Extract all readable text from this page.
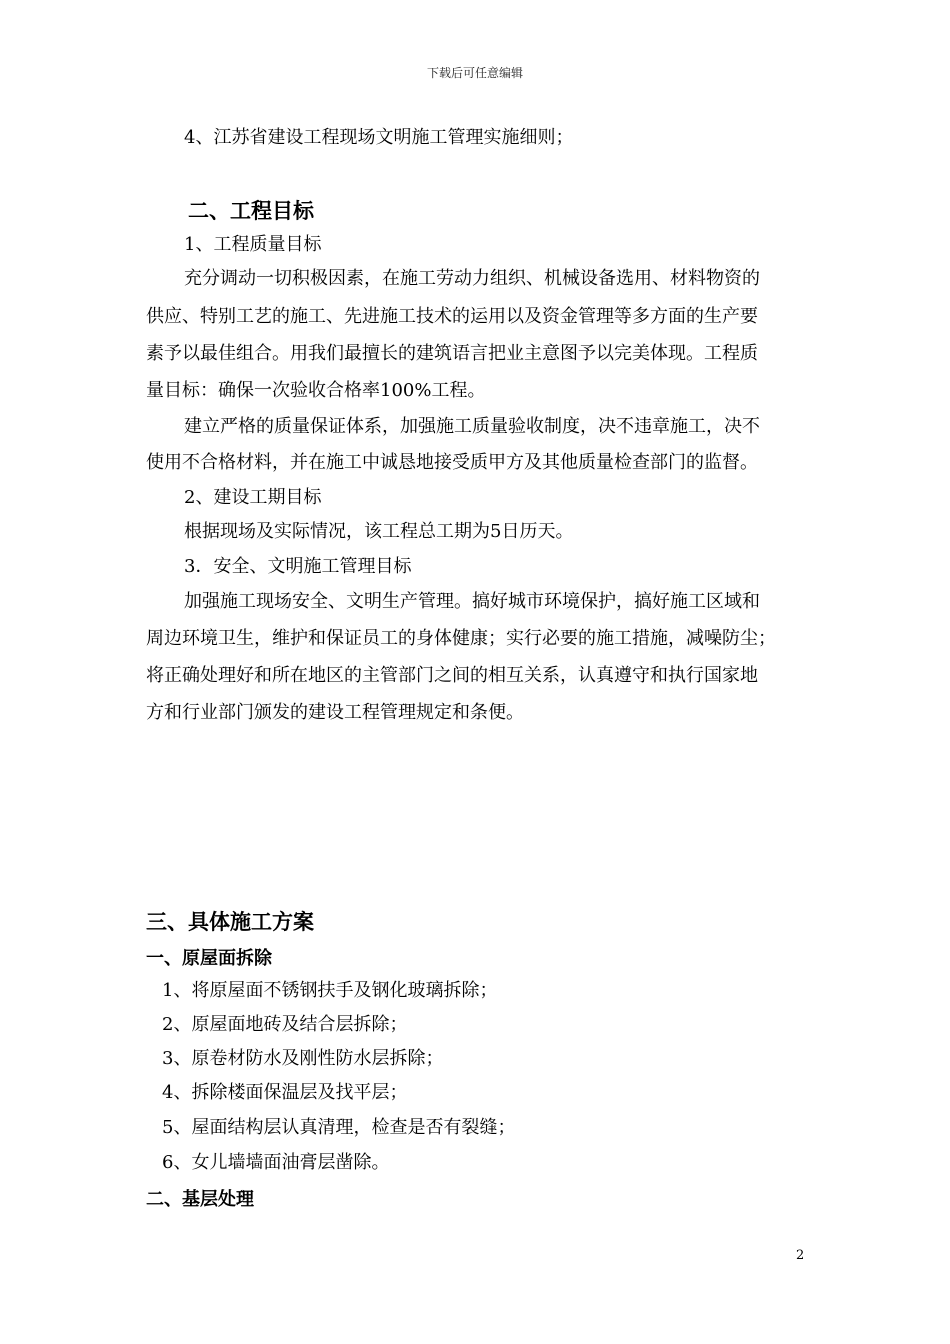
下载后可任意编辑
4、江苏省建设工程现场文明施工管理实施细则；
二、工程目标
1、工程质量目标
充分调动一切积极因素，在施工劳动力组织、机械设备选用、材料物资的
供应、特别工艺的施工、先进施工技术的运用以及资金管理等多方面的生产要
素予以最佳组合。用我们最擅长的建筑语言把业主意图予以完美体现。工程质
量目标：确保一次验收合格率100%工程。
建立严格的质量保证体系，加强施工质量验收制度，决不违章施工，决不
使用不合格材料，并在施工中诚恳地接受质甲方及其他质量检查部门的监督。
2、建设工期目标
根据现场及实际情况，该工程总工期为5日历天。
3．安全、文明施工管理目标
加强施工现场安全、文明生产管理。搞好城市环境保护，搞好施工区域和
周边环境卫生，维护和保证员工的身体健康；实行必要的施工措施，减噪防尘；
将正确处理好和所在地区的主管部门之间的相互关系，认真遵守和执行国家地
方和行业部门颁发的建设工程管理规定和条便。
三、具体施工方案
一、原屋面拆除
1、将原屋面不锈钢扶手及钢化玻璃拆除；
2、原屋面地砖及结合层拆除；
3、原卷材防水及刚性防水层拆除；
4、拆除楼面保温层及找平层；
5、屋面结构层认真清理，检查是否有裂缝；
6、女儿墙墙面油膏层凿除。
二、基层处理
2
